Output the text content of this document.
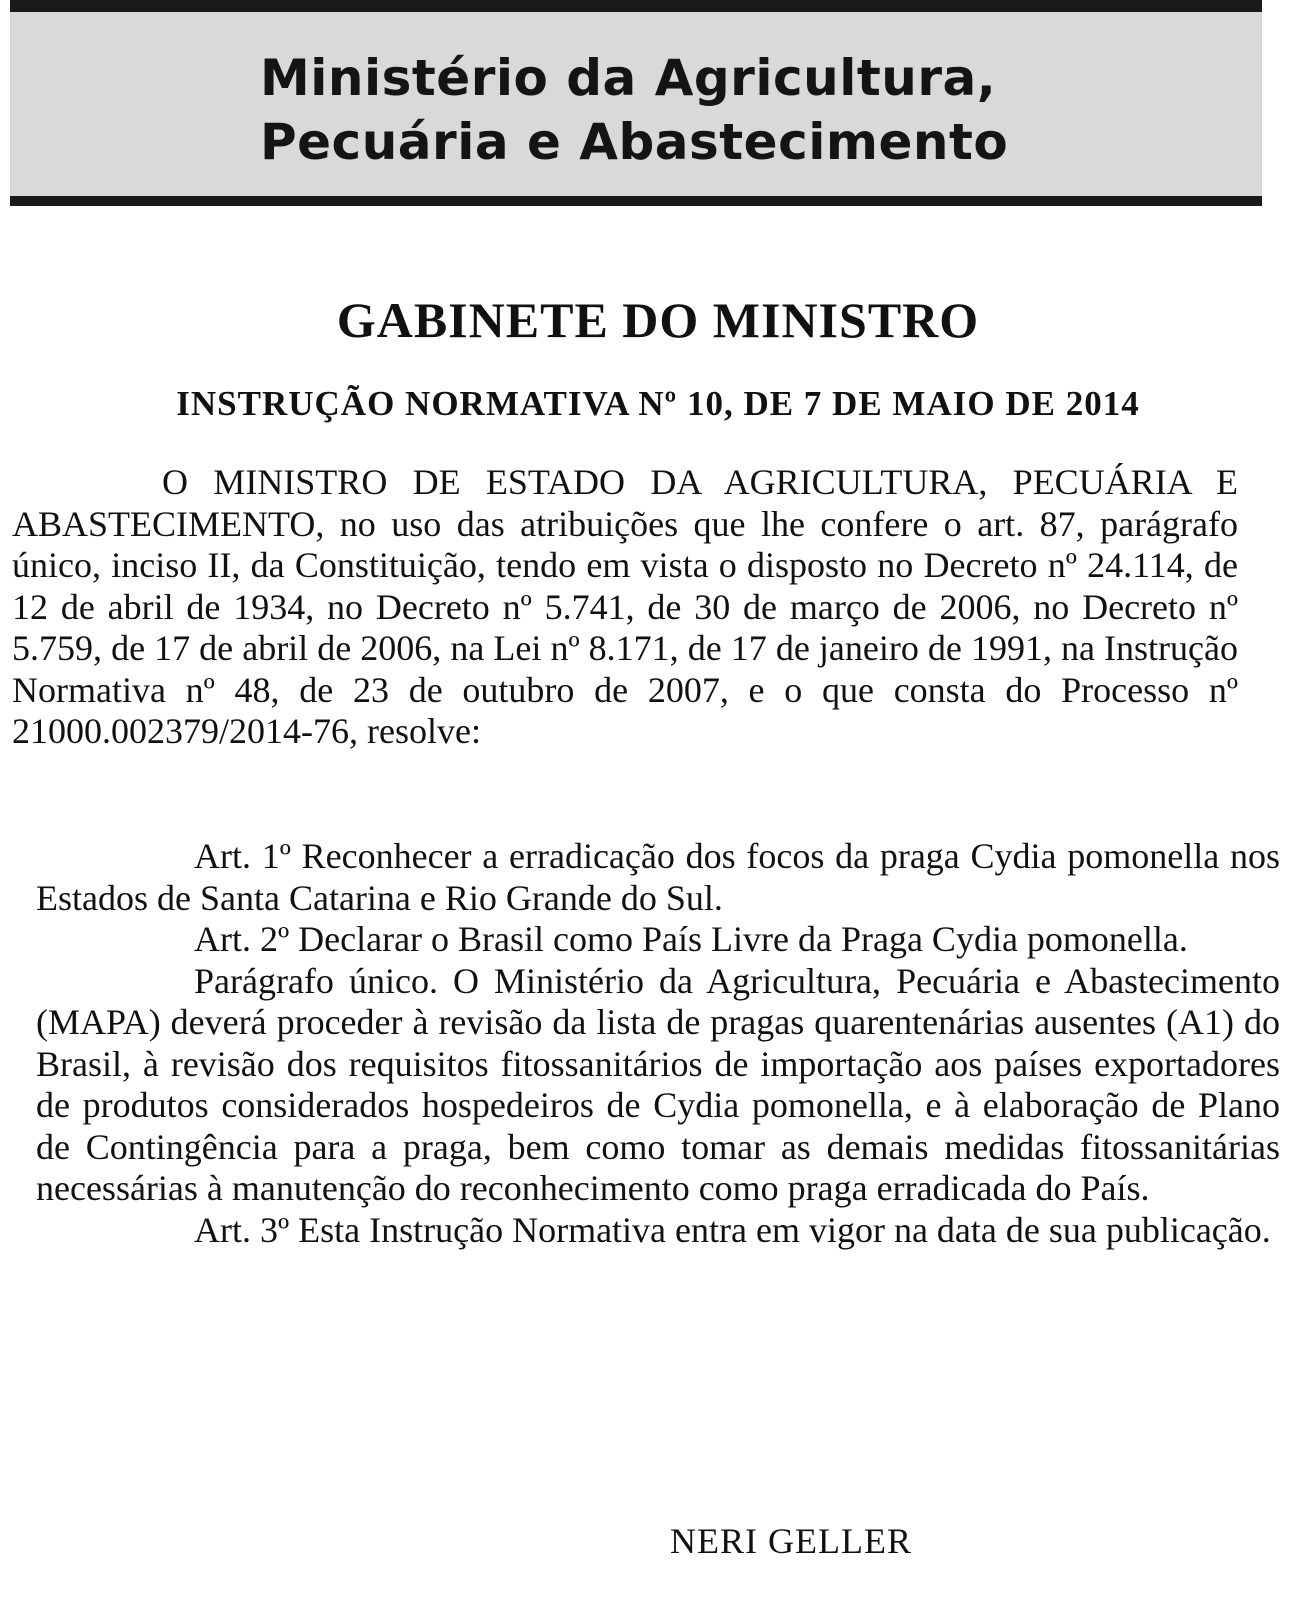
Ministério da Agricultura,
Pecuária e Abastecimento
GABINETE DO MINISTRO
INSTRUÇÃO NORMATIVA Nº 10, DE 7 DE MAIO DE 2014

O MINISTRO DE ESTADO DA AGRICULTURA, PECUÁRIA E ABASTECIMENTO, no uso das atribuições que lhe confere o art. 87, parágrafo único, inciso II, da Constituição, tendo em vista o disposto no Decreto nº 24.114, de 12 de abril de 1934, no Decreto nº 5.741, de 30 de março de 2006, no Decreto nº 5.759, de 17 de abril de 2006, na Lei nº 8.171, de 17 de janeiro de 1991, na Instrução Normativa nº 48, de 23 de outubro de 2007, e o que consta do Processo nº 21000.002379/2014-76, resolve:

Art. 1º Reconhecer a erradicação dos focos da praga Cydia pomonella nos Estados de Santa Catarina e Rio Grande do Sul.

Art. 2º Declarar o Brasil como País Livre da Praga Cydia pomonella.

Parágrafo único. O Ministério da Agricultura, Pecuária e Abastecimento (MAPA) deverá proceder à revisão da lista de pragas quarentenárias ausentes (A1) do Brasil, à revisão dos requisitos fitossanitários de importação aos países exportadores de produtos considerados hospedeiros de Cydia pomonella, e à elaboração de Plano de Contingência para a praga, bem como tomar as demais medidas fitossanitárias necessárias à manutenção do reconhecimento como praga erradicada do País.

Art. 3º Esta Instrução Normativa entra em vigor na data de sua publicação.

NERI GELLER
